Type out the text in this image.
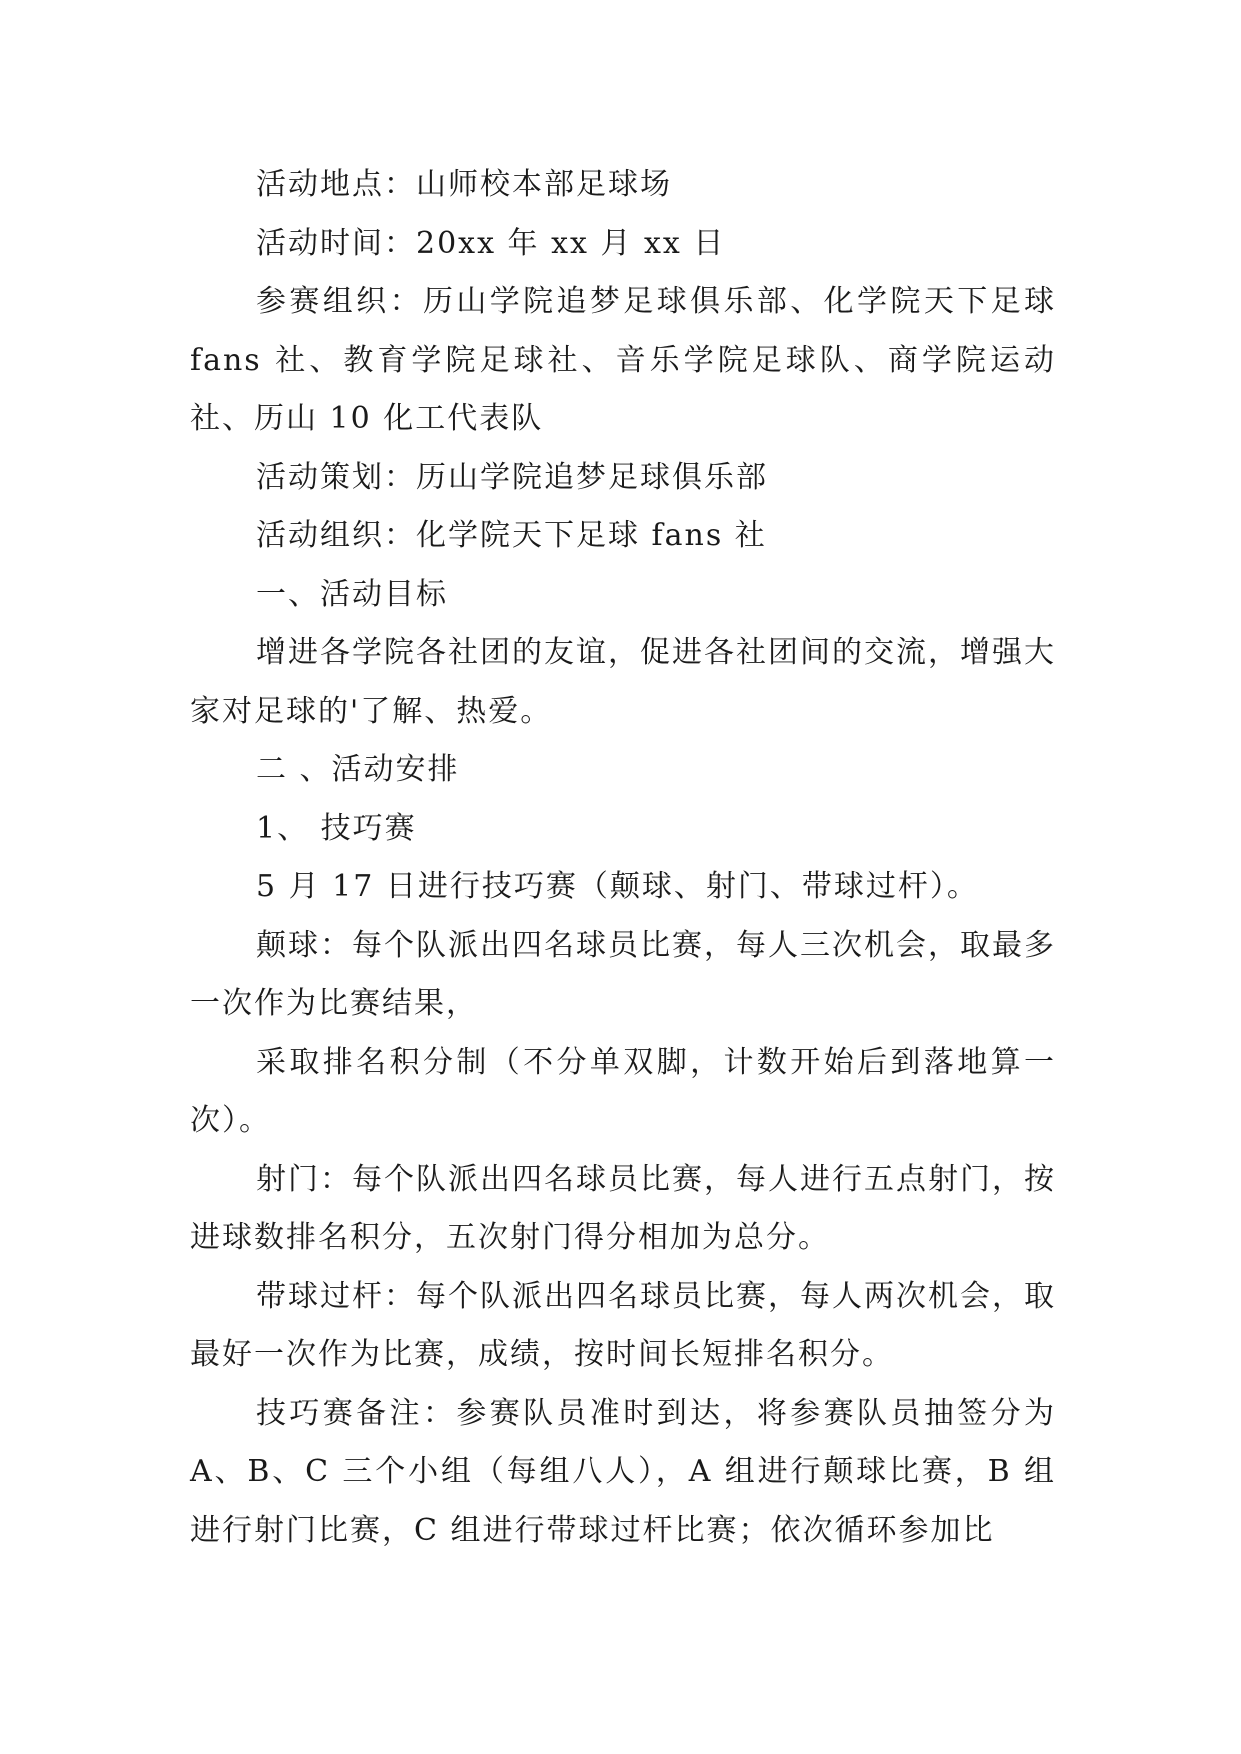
活动地点：山师校本部足球场

活动时间：20xx 年 xx 月 xx 日

参赛组织：历山学院追梦足球俱乐部、化学院天下足球 fans 社、教育学院足球社、音乐学院足球队、商学院运动社、历山 10 化工代表队

活动策划：历山学院追梦足球俱乐部

活动组织：化学院天下足球 fans 社

一、活动目标

增进各学院各社团的友谊，促进各社团间的交流，增强大家对足球的'了解、热爱。

二 、活动安排

1、 技巧赛

5 月 17 日进行技巧赛（颠球、射门、带球过杆）。

颠球：每个队派出四名球员比赛，每人三次机会，取最多一次作为比赛结果，

采取排名积分制（不分单双脚，计数开始后到落地算一次）。

射门：每个队派出四名球员比赛，每人进行五点射门，按进球数排名积分，五次射门得分相加为总分。

带球过杆：每个队派出四名球员比赛，每人两次机会，取最好一次作为比赛，成绩，按时间长短排名积分。

技巧赛备注：参赛队员准时到达，将参赛队员抽签分为 A、B、C 三个小组（每组八人），A 组进行颠球比赛，B 组进行射门比赛，C 组进行带球过杆比赛；依次循环参加比
